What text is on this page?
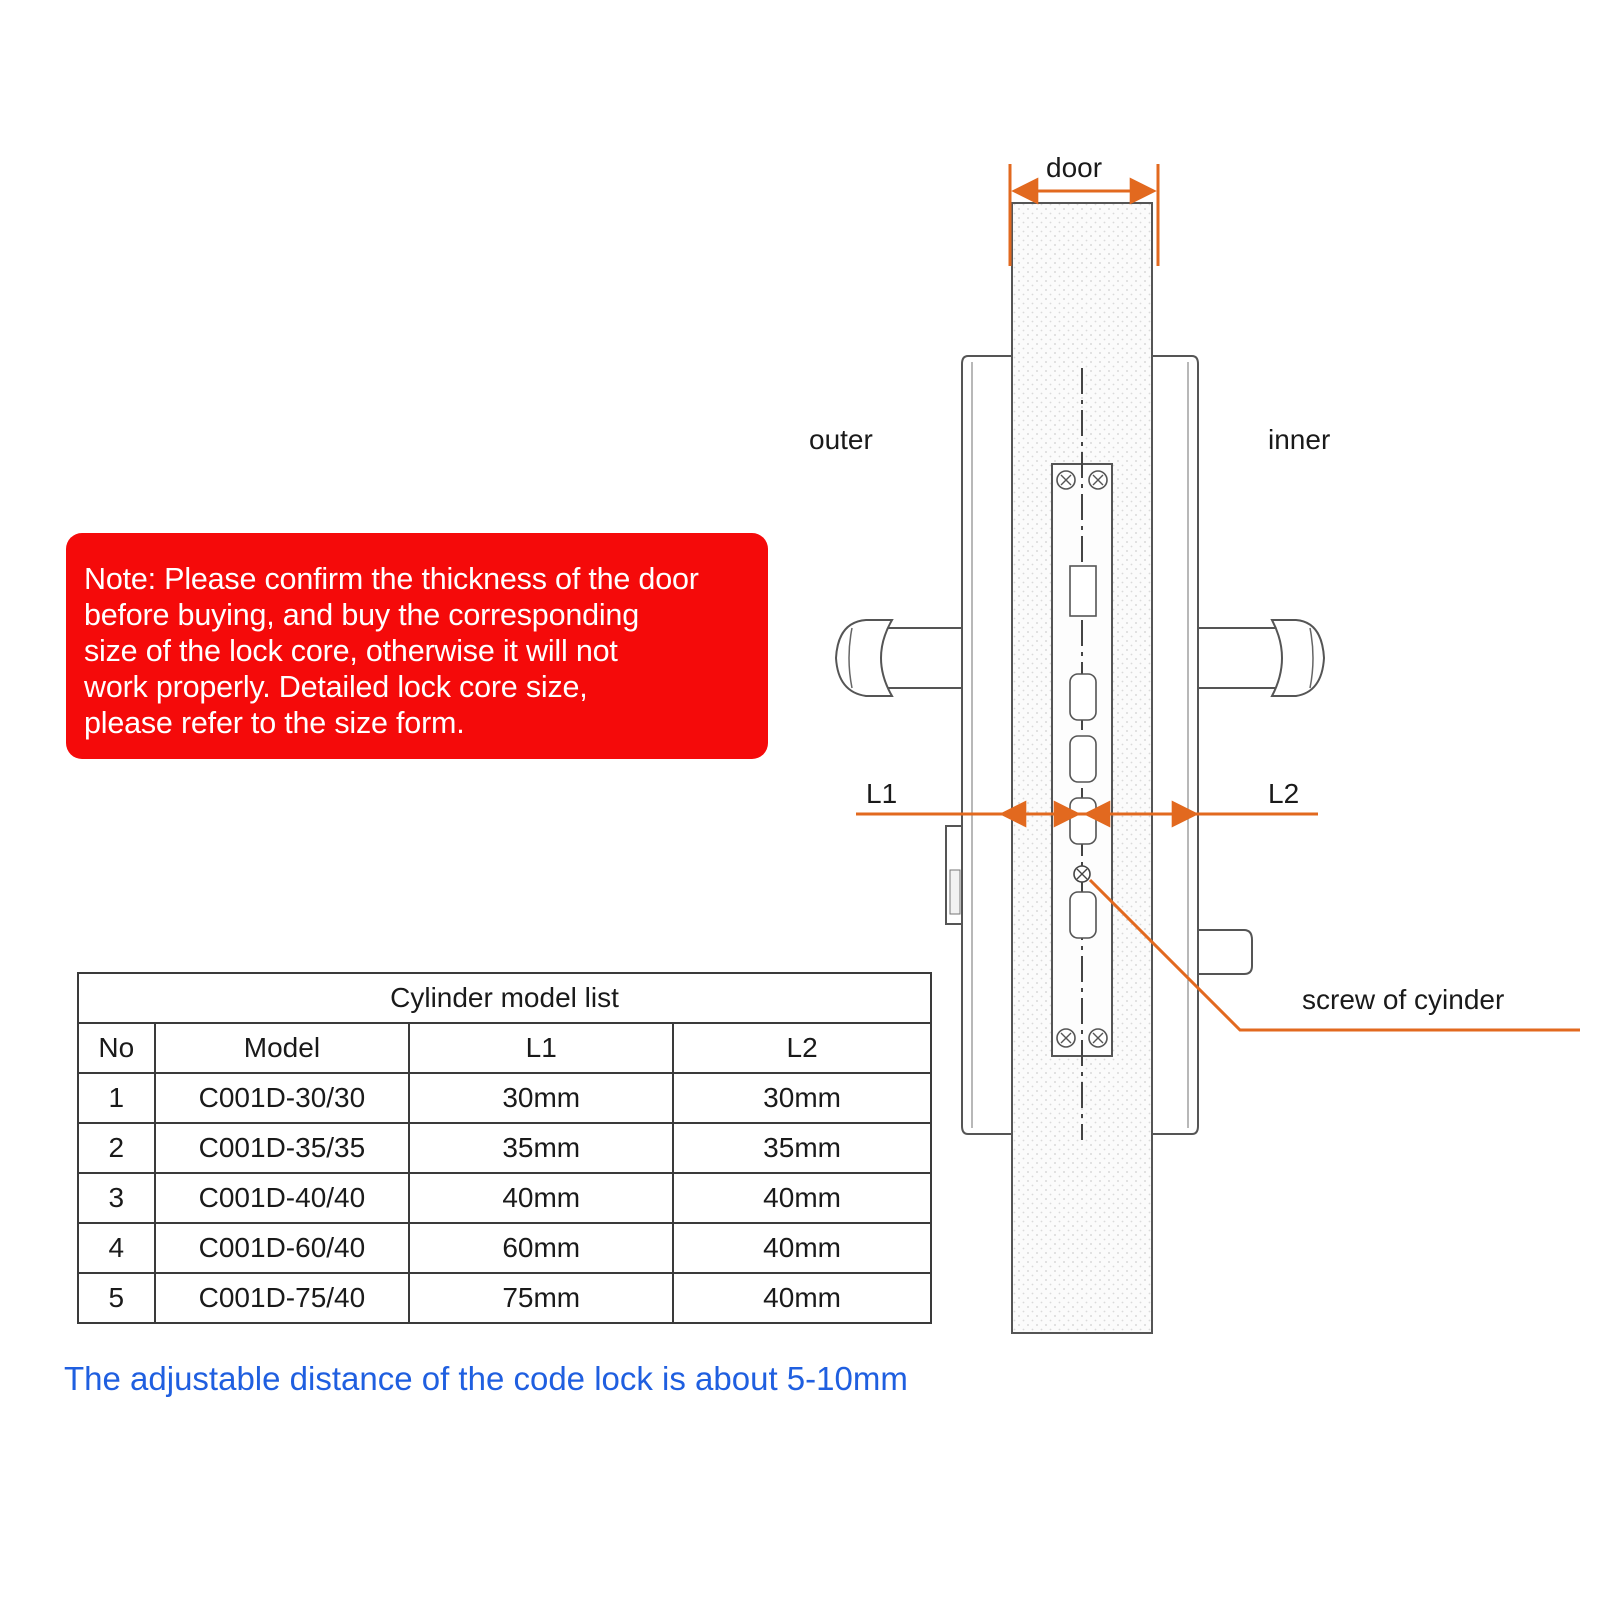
door
outer	inner
L1	L2
screw of cyinder

Note: Please confirm the thickness of the door
before buying, and buy the corresponding
size of the lock core, otherwise it will not
work properly. Detailed lock core size,
please refer to the size form.

Cylinder model list			
No	Model	L1	L2
1	C001D-30/30	30mm	30mm
2	C001D-35/35	35mm	35mm
3	C001D-40/40	40mm	40mm
4	C001D-60/40	60mm	40mm
5	C001D-75/40	75mm	40mm

The adjustable distance of the code lock is about 5-10mm
